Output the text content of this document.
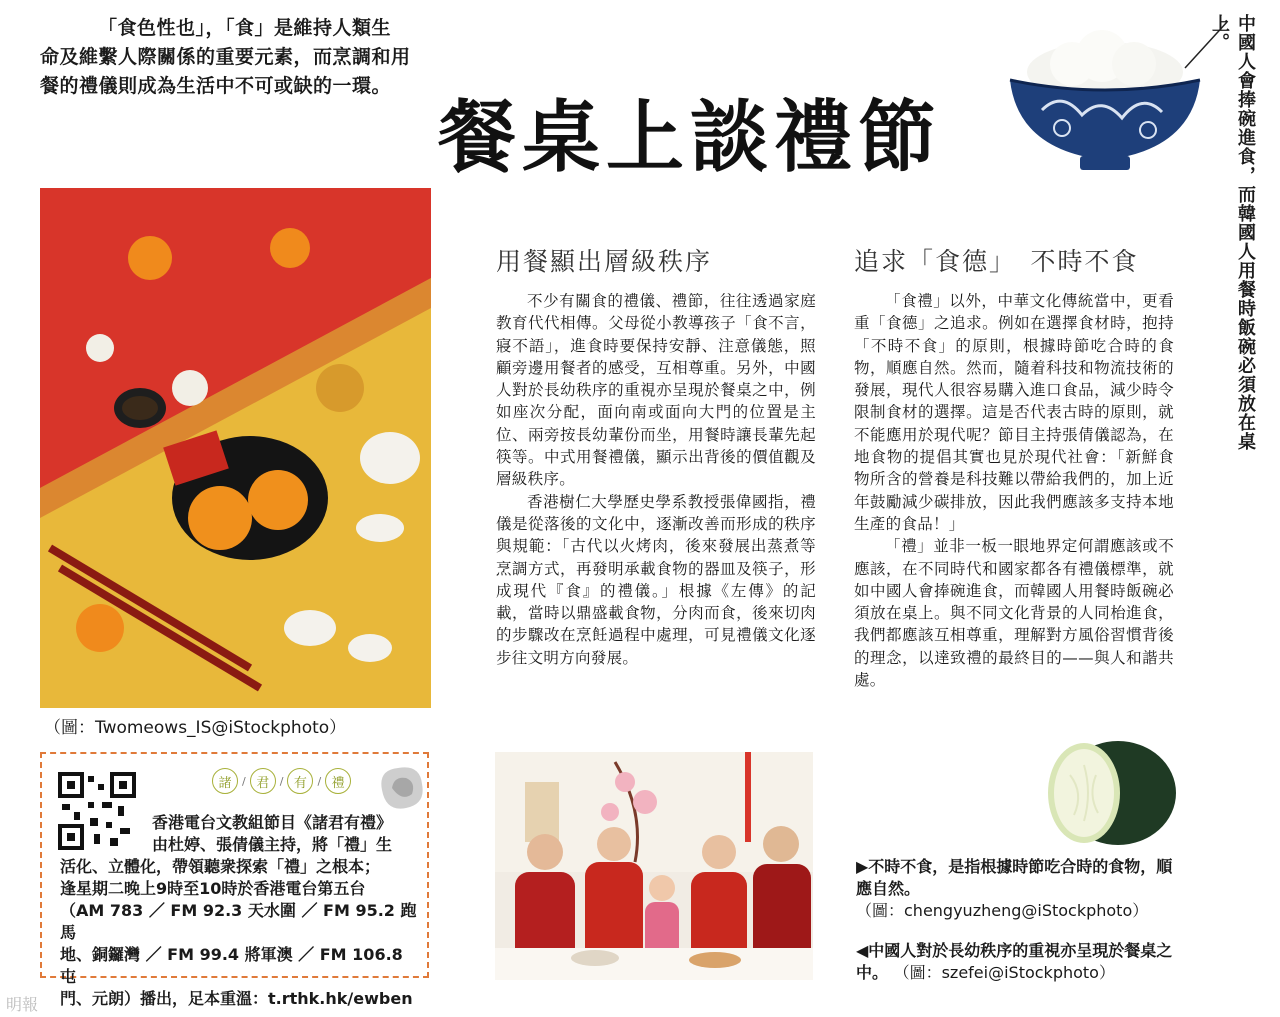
「食色性也」，「食」是維持人類生

命及維繫人際關係的重要元素，而烹調和用

餐的禮儀則成為生活中不可或缺的一環。

餐桌上談禮節	中國人會捧碗進食，而韓國人用餐時飯碗必須放在桌上。
（圖：Twomeows_IS@iStockphoto）
用餐顯出層級秩序	追求「食德」　不時不食

不少有關食的禮儀、禮節，往往透過家庭教育代代相傳。父母從小教導孩子「食不言，寢不語」，進食時要保持安靜、注意儀態，照顧旁邊用餐者的感受，互相尊重。另外，中國人對於長幼秩序的重視亦呈現於餐桌之中，例如座次分配，面向南或面向大門的位置是主位、兩旁按長幼輩份而坐，用餐時讓長輩先起筷等。中式用餐禮儀，顯示出背後的價值觀及層級秩序。

香港樹仁大學歷史學系教授張偉國指，禮儀是從落後的文化中，逐漸改善而形成的秩序與規範：「古代以火烤肉，後來發展出蒸煮等烹調方式，再發明承載食物的器皿及筷子，形成現代『食』的禮儀。」根據《左傳》的記載，當時以鼎盛載食物，分肉而食，後來切肉的步驟改在烹飪過程中處理，可見禮儀文化逐步往文明方向發展。

「食禮」以外，中華文化傳統當中，更看重「食德」之追求。例如在選擇食材時，抱持「不時不食」的原則，根據時節吃合時的食物，順應自然。然而，隨着科技和物流技術的發展，現代人很容易購入進口食品，減少時令限制食材的選擇。這是否代表古時的原則，就不能應用於現代呢？節目主持張倩儀認為，在地食物的提倡其實也見於現代社會：「新鮮食物所含的營養是科技難以帶給我們的，加上近年鼓勵減少碳排放，因此我們應該多支持本地生產的食品！」

「禮」並非一板一眼地界定何謂應該或不應該，在不同時代和國家都各有禮儀標準，就如中國人會捧碗進食，而韓國人用餐時飯碗必須放在桌上。與不同文化背景的人同枱進食，我們都應該互相尊重，理解對方風俗習慣背後的理念，以達致禮的最終目的——與人和諧共處。

諸 / 君 / 有 / 禮

香港電台文教組節目《諸君有禮》

由杜婷、張倩儀主持，將「禮」生

活化、立體化，帶領聽衆探索「禮」之根本；

逢星期二晚上9時至10時於香港電台第五台

（AM 783 ／ FM 92.3 天水圍 ／ FM 95.2 跑馬

地、銅鑼灣 ／ FM 99.4 將軍澳 ／ FM 106.8 屯

門、元朗）播出，足本重溫：t.rthk.hk/ewben

▶不時不食，是指根據時節吃合時的食物，順應自然。
（圖：chengyuzheng@iStockphoto）
◀中國人對於長幼秩序的重視亦呈現於餐桌之中。 （圖：szefei@iStockphoto）
明報
